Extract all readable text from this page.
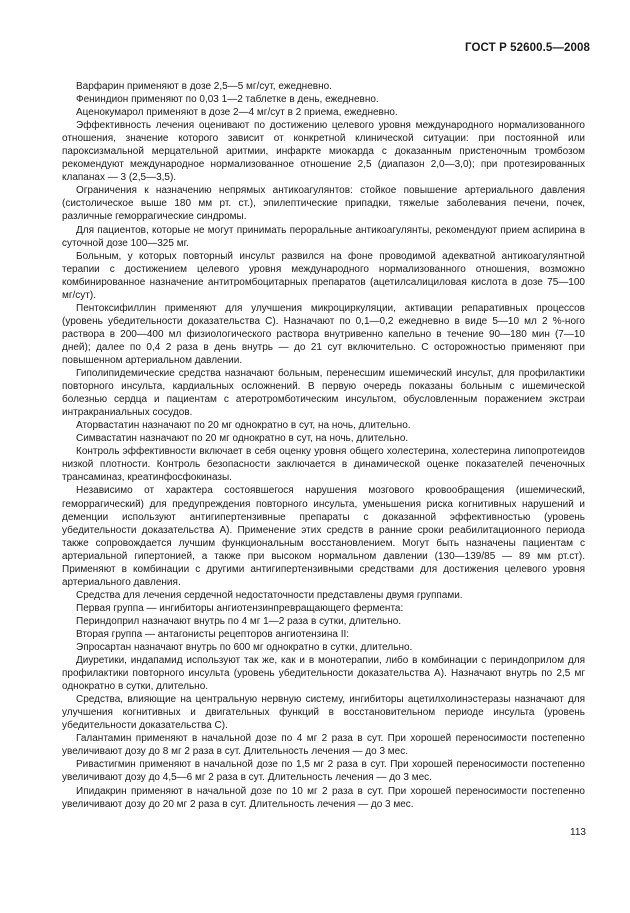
ГОСТ Р 52600.5—2008

Варфарин применяют в дозе 2,5—5 мг/сут, ежедневно.

Фениндион применяют по 0,03 1—2 таблетке в день, ежедневно.

Аценокумарол применяют в дозе 2—4 мг/сут в 2 приема, ежедневно.

Эффективность лечения оценивают по достижению целевого уровня международного нормализованного отношения, значение которого зависит от конкретной клинической ситуации: при постоянной или пароксизмальной мерцательной аритмии, инфаркте миокарда с доказанным пристеночным тромбозом рекомендуют международное нормализованное отношение 2,5 (диапазон 2,0—3,0); при протезированных клапанах — 3 (2,5—3,5).

Ограничения к назначению непрямых антикоагулянтов: стойкое повышение артериального давления (систолическое выше 180 мм рт. ст.), эпилептические припадки, тяжелые заболевания печени, почек, различные геморрагические синдромы.

Для пациентов, которые не могут принимать пероральные антикоагулянты, рекомендуют прием аспирина в суточной дозе 100—325 мг.

Больным, у которых повторный инсульт развился на фоне проводимой адекватной антикоагулянтной терапии с достижением целевого уровня международного нормализованного отношения, возможно комбинированное назначение антитромбоцитарных препаратов (ацетилсалициловая кислота в дозе 75—100 мг/сут).

Пентоксифиллин применяют для улучшения микроциркуляции, активации репаративных процессов (уровень убедительности доказательства С). Назначают по 0,1—0,2 ежедневно в виде 5—10 мл 2 %-ного раствора в 200—400 мл физиологического раствора внутривенно капельно в течение 90—180 мин (7—10 дней); далее по 0,4 2 раза в день внутрь — до 21 сут включительно. С осторожностью применяют при повышенном артериальном давлении.

Гиполипидемические средства назначают больным, перенесшим ишемический инсульт, для профилактики повторного инсульта, кардиальных осложнений. В первую очередь показаны больным с ишемической болезнью сердца и пациентам с атеротромботическим инсультом, обусловленным поражением экстраи интракраниальных сосудов.

Аторвастатин назначают по 20 мг однократно в сут, на ночь, длительно.

Симвастатин назначают по 20 мг однократно в сут, на ночь, длительно.

Контроль эффективности включает в себя оценку уровня общего холестерина, холестерина липопротеидов низкой плотности. Контроль безопасности заключается в динамической оценке показателей печеночных трансаминаз, креатинфосфокиназы.

Независимо от характера состоявшегося нарушения мозгового кровообращения (ишемический, геморрагический) для предупреждения повторного инсульта, уменьшения риска когнитивных нарушений и деменции используют антигипертензивные препараты с доказанной эффективностью (уровень убедительности доказательства А). Применение этих средств в ранние сроки реабилитационного периода также сопровождается лучшим функциональным восстановлением. Могут быть назначены пациентам с артериальной гипертонией, а также при высоком нормальном давлении (130—139/85 — 89 мм рт.ст). Применяют в комбинации с другими антигипертензивными средствами для достижения целевого уровня артериального давления.

Средства для лечения сердечной недостаточности представлены двумя группами.

Первая группа — ингибиторы ангиотензинпревращающего фермента:

Периндоприл назначают внутрь по 4 мг 1—2 раза в сутки, длительно.

Вторая группа — антагонисты рецепторов ангиотензина II:

Эпросартан назначают внутрь по 600 мг однократно в сутки, длительно.

Диуретики, индапамид используют так же, как и в монотерапии, либо в комбинации с периндоприлом для профилактики повторного инсульта (уровень убедительности доказательства А). Назначают внутрь по 2,5 мг однократно в сутки, длительно.

Средства, влияющие на центральную нервную систему, ингибиторы ацетилхолинэстеразы назначают для улучшения когнитивных и двигательных функций в восстановительном периоде инсульта (уровень убедительности доказательства С).

Галантамин применяют в начальной дозе по 4 мг 2 раза в сут. При хорошей переносимости постепенно увеличивают дозу до 8 мг 2 раза в сут. Длительность лечения — до 3 мес.

Ривастигмин применяют в начальной дозе по 1,5 мг 2 раза в сут. При хорошей переносимости постепенно увеличивают дозу до 4,5—6 мг 2 раза в сут. Длительность лечения — до 3 мес.

Ипидакрин применяют в начальной дозе по 10 мг 2 раза в сут. При хорошей переносимости постепенно увеличивают дозу до 20 мг 2 раза в сут. Длительность лечения — до 3 мес.

113
